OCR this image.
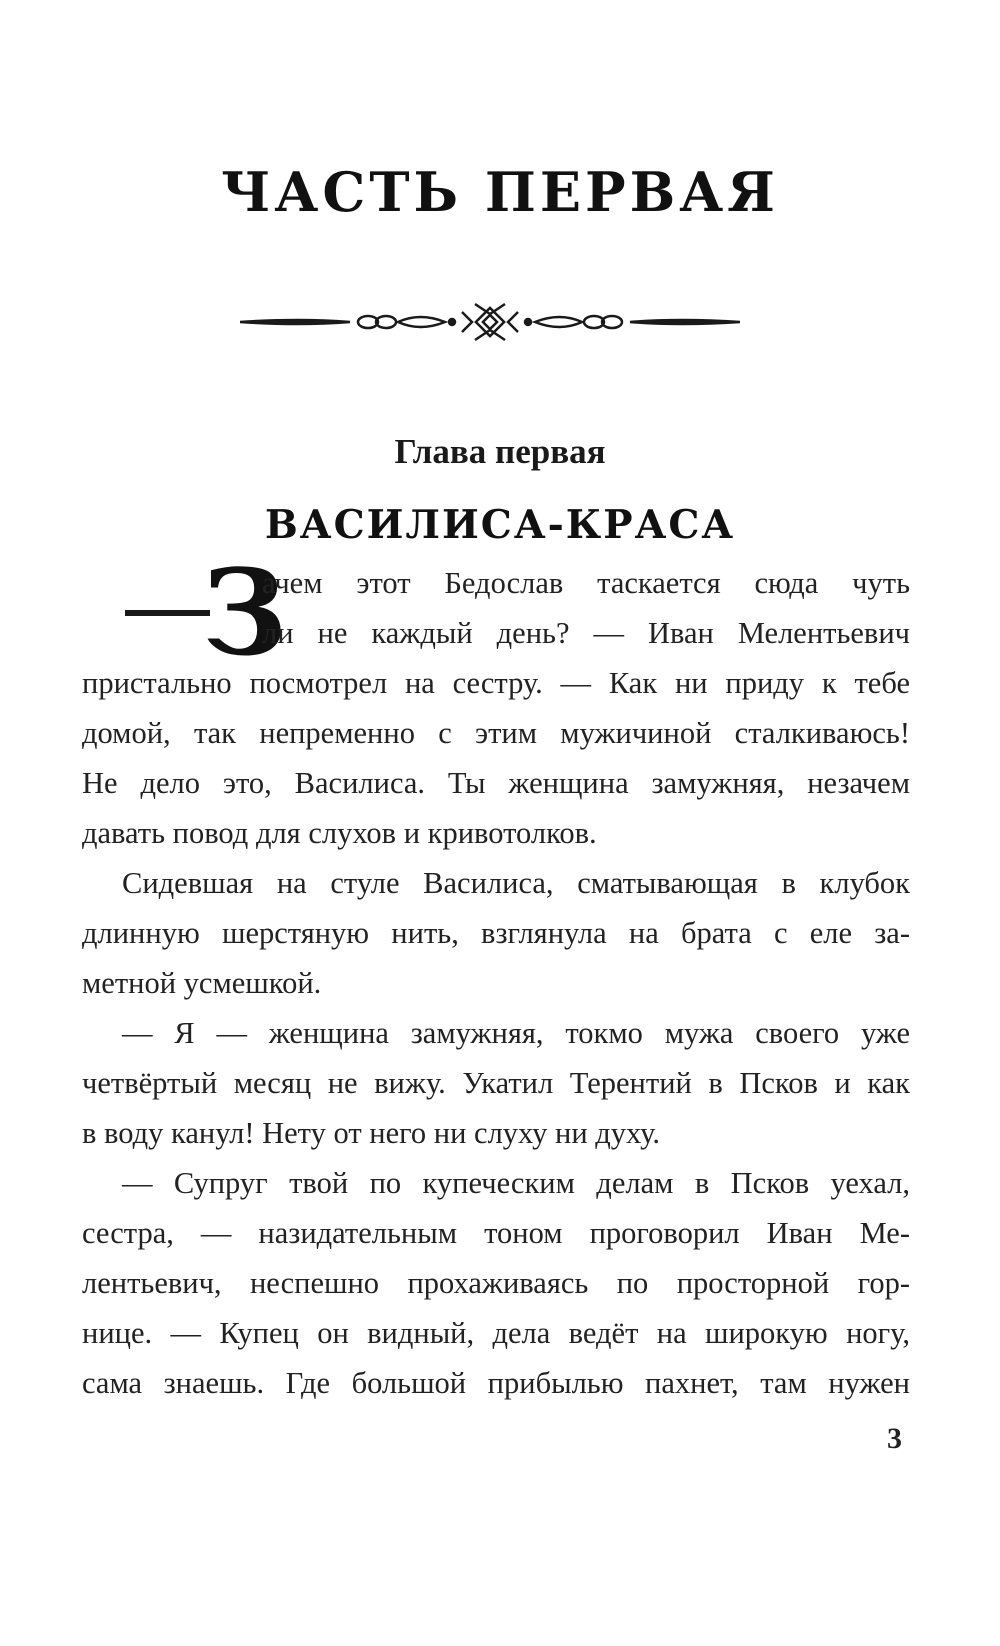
ЧАСТЬ ПЕРВАЯ
Глава первая
ВАСИЛИСА-КРАСА
З
ачем этот Бедослав таскается сюда чуть
ли не каждый день? — Иван Мелентьевич
пристально посмотрел на сестру. — Как ни приду к тебе
домой, так непременно с этим мужичиной сталкиваюсь!
Не дело это, Василиса. Ты женщина замужняя, незачем
давать повод для слухов и кривотолков.
Сидевшая на стуле Василиса, сматывающая в клубок
длинную шерстяную нить, взглянула на брата с еле за-
метной усмешкой.
— Я — женщина замужняя, токмо мужа своего уже
четвёртый месяц не вижу. Укатил Терентий в Псков и как
в воду канул! Нету от него ни слуху ни духу.
— Супруг твой по купеческим делам в Псков уехал,
сестра, — назидательным тоном проговорил Иван Ме-
лентьевич, неспешно прохаживаясь по просторной гор-
нице. — Купец он видный, дела ведёт на широкую ногу,
сама знаешь. Где большой прибылью пахнет, там нужен
3
